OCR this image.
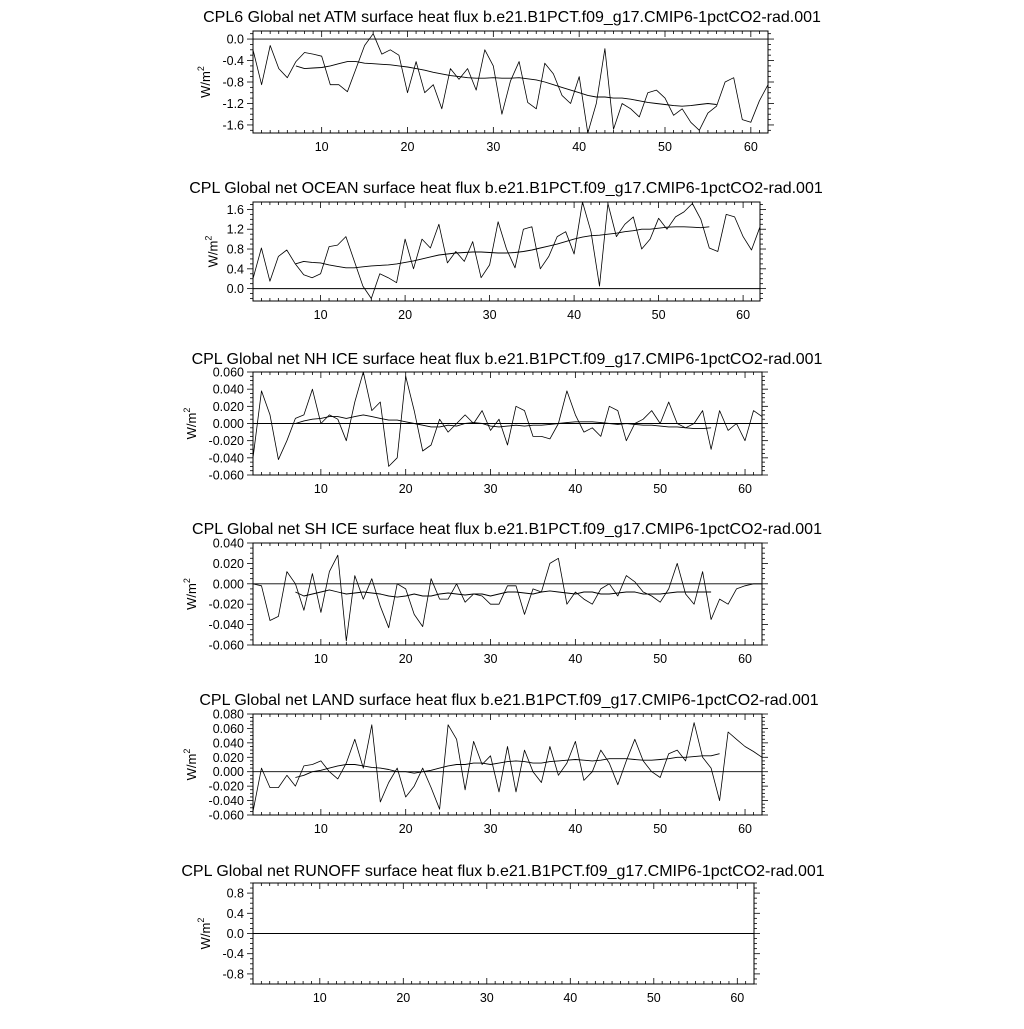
CPL6 Global net ATM surface heat flux b.e21.B1PCT.f09_g17.CMIP6-1pctCO2-rad.001
10	20	30	40	50	60
0.0
-0.4
-0.8
-1.2
-1.6
$W/m^2$
CPL Global net OCEAN surface heat flux b.e21.B1PCT.f09_g17.CMIP6-1pctCO2-rad.001
10	20	30	40	50	60
1.6
1.2
0.8
0.4
0.0
$W/m^2$
CPL Global net NH ICE surface heat flux b.e21.B1PCT.f09_g17.CMIP6-1pctCO2-rad.001
10	20	30	40	50	60
0.060
0.040
0.020
0.000
-0.020
-0.040
-0.060
$W/m^2$
CPL Global net SH ICE surface heat flux b.e21.B1PCT.f09_g17.CMIP6-1pctCO2-rad.001
10	20	30	40	50	60
0.040
0.020
0.000
-0.020
-0.040
-0.060
$W/m^2$
CPL Global net LAND surface heat flux b.e21.B1PCT.f09_g17.CMIP6-1pctCO2-rad.001
10	20	30	40	50	60
0.080
0.060
0.040
0.020
0.000
-0.020
-0.040
-0.060
$W/m^2$
CPL Global net RUNOFF surface heat flux b.e21.B1PCT.f09_g17.CMIP6-1pctCO2-rad.001
10	20	30	40	50	60
0.8
0.4
0.0
-0.4
-0.8
$W/m^2$
